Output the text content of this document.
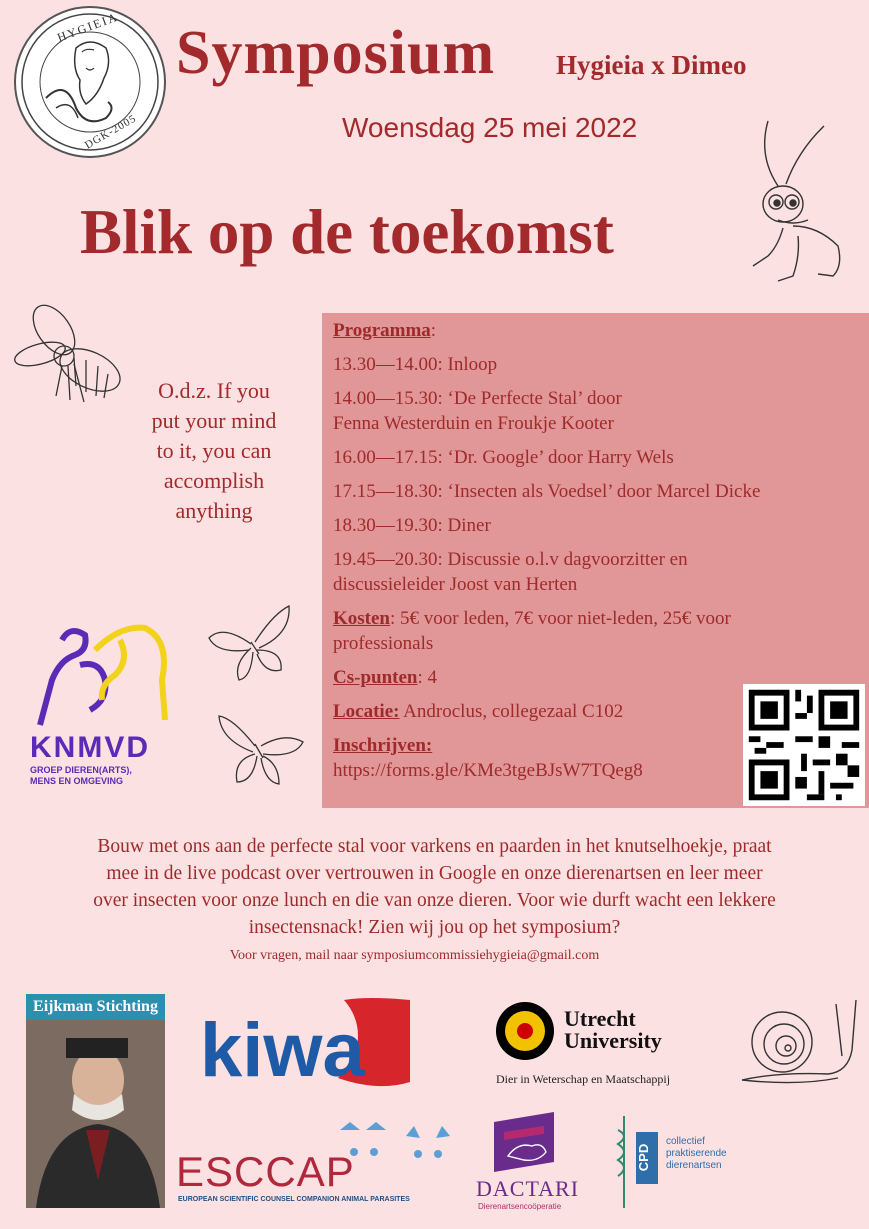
HYGIEIA
DGK-2005
Symposium Hygieia x Dimeo
Woensdag 25 mei 2022
Blik op de toekomst
O.d.z. If you
put your mind
to it, you can
accomplish
anything
Programma:
13.30—14.00: Inloop
14.00—15.30: ‘De Perfecte Stal’ door
Fenna Westerduin en Froukje Kooter
16.00—17.15: ‘Dr. Google’ door Harry Wels
17.15—18.30: ‘Insecten als Voedsel’ door Marcel Dicke
18.30—19.30: Diner
19.45—20.30: Discussie o.l.v dagvoorzitter en
discussieleider Joost van Herten
Kosten: 5€ voor leden, 7€ voor niet-leden, 25€ voor
professionals
Cs-punten: 4
Locatie: Androclus, collegezaal C102
Inschrijven:
https://forms.gle/KMe3tgeBJsW7TQeg8
KNMVD
GROEP DIEREN(ARTS),
MENS EN OMGEVING
Bouw met ons aan de perfecte stal voor varkens en paarden in het knutselhoekje, praat
mee in de live podcast over vertrouwen in Google en onze dierenartsen en leer meer
over insecten voor onze lunch en die van onze dieren. Voor wie durft wacht een lekkere
insectensnack! Zien wij jou op het symposium?
Voor vragen, mail naar symposiumcommissiehygieia@gmail.com
Eijkman Stichting
kiwa	Utrecht
University
Dier in Weterschap en Maatschappij
ESCCAP
EUROPEAN SCIENTIFIC COUNSEL COMPANION ANIMAL PARASITES	DACTARI
Dierenartsencoöperatie
CPD
collectief
praktiserende
dierenartsen
